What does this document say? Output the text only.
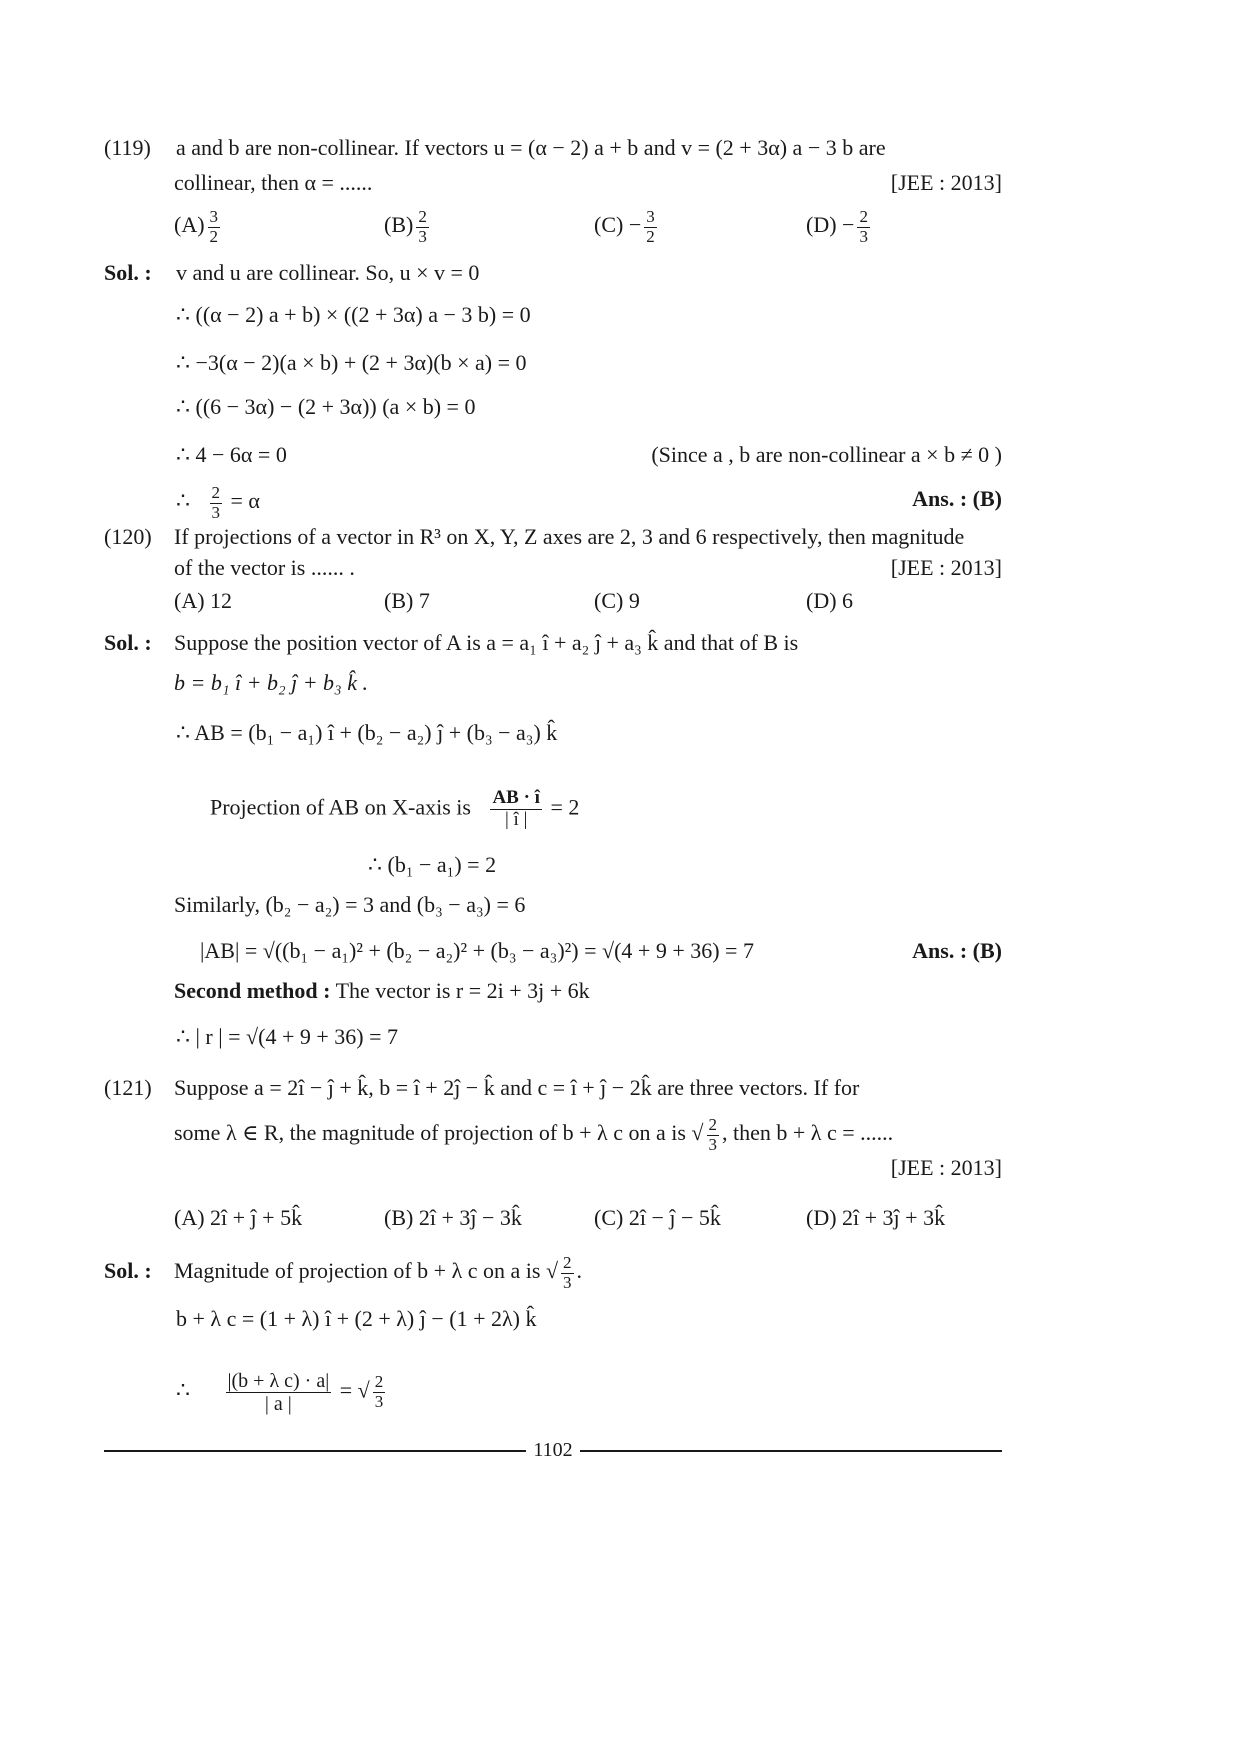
(119) a and b are non-collinear. If vectors u = (α − 2) a + b and v = (2 + 3α) a − 3 b are
collinear, then α = ......	[JEE : 2013]
$(A) \frac{3}{2}$	$(B) \frac{2}{3}$	$(C) - \frac{3}{2}$	$(D) - \frac{2}{3}$
Sol. : v and u are collinear. So, u × v = 0
∴ ((α − 2) a + b) × ((2 + 3α) a − 3 b) = 0
∴ −3(α − 2)(a × b) + (2 + 3α)(b × a) = 0
∴ ((6 − 3α) − (2 + 3α)) (a × b) = 0
∴ 4 − 6α = 0	(Since a , b are non-collinear a × b ≠ 0 )
∴ $\frac{2}{3} = \alpha$	Ans. : (B)
(120) If projections of a vector in R³ on X, Y, Z axes are 2, 3 and 6 respectively, then magnitude
of the vector is ...... .	[JEE : 2013]
(A) 12	(B) 7	(C) 9	(D) 6
Sol. : Suppose the position vector of A is a = a₁ î + a₂ ĵ + a₃ k̂ and that of B is
b = b₁ î + b₂ ĵ + b₃ k̂ .
∴ AB = (b₁ − a₁) î + (b₂ − a₂) ĵ + (b₃ − a₃) k̂
Projection of AB on X-axis is $\frac{AB \cdot î}{| î |} = 2$
∴ (b₁ − a₁) = 2
Similarly, (b₂ − a₂) = 3 and (b₃ − a₃) = 6
|AB| = √((b₁ − a₁)² + (b₂ − a₂)² + (b₃ − a₃)²) = √(4 + 9 + 36) = 7	Ans. : (B)
Second method : The vector is r = 2i + 3j + 6k
∴ | r | = √(4 + 9 + 36) = 7
(121) Suppose a = 2î − ĵ + k̂, b = î + 2ĵ − k̂ and c = î + ĵ − 2k̂ are three vectors. If for
some λ ∈ R, the magnitude of projection of b + λ c on a is √ $\frac{2}{3}$ , then b + λ c = ......
[JEE : 2013]
(A) 2î + ĵ + 5k̂	(B) 2î + 3ĵ − 3k̂	(C) 2î − ĵ − 5k̂	(D) 2î + 3ĵ + 3k̂
Sol. : Magnitude of projection of b + λ c on a is √ $\frac{2}{3}$ .
b + λ c = (1 + λ) î + (2 + λ) ĵ − (1 + 2λ) k̂
∴ $\frac{\text{|(b + λ c) · a|}}{| a |}$ = √ $\frac{2}{3}$
1102
